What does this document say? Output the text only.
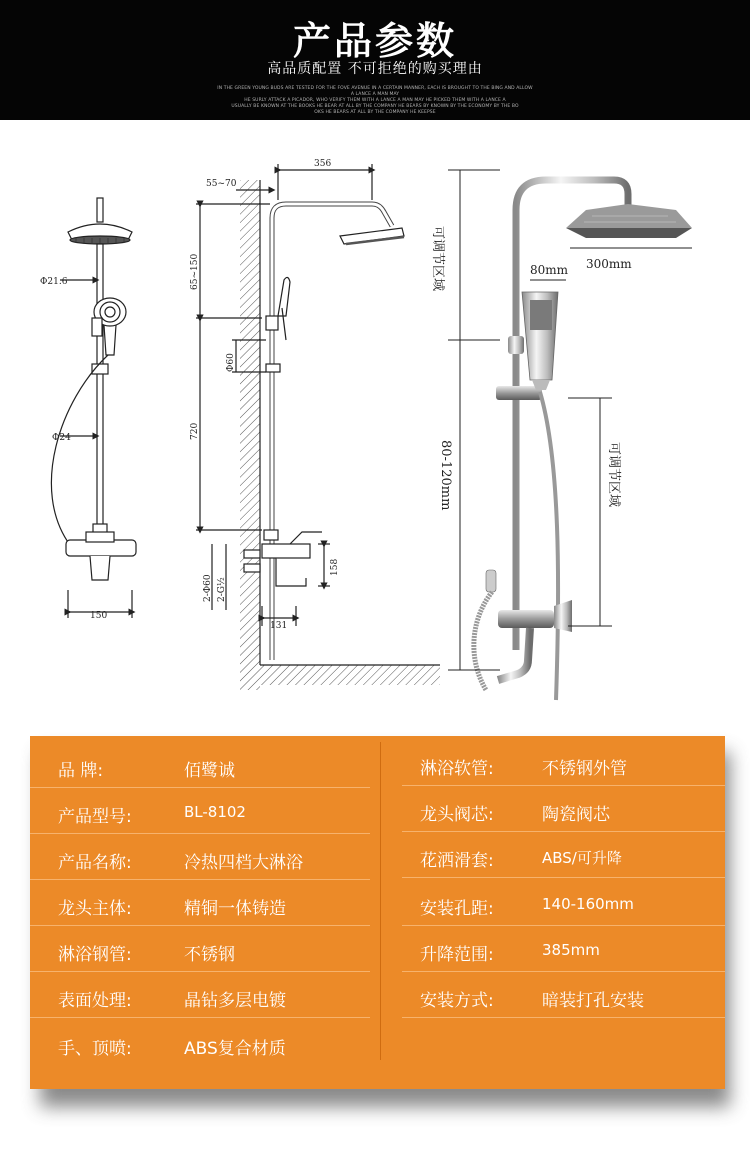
产品参数
高品质配置 不可拒绝的购买理由
IN THE GREEN YOUNG BUDS ARE TESTED FOR THE FOVE AVENUE IN A CERTAIN MANNER, EACH IS BROUGHT TO THE BING AND ALLOW A LANCE A MAN MAY
HE SURLY ATTACK A PICADOR, WHO VERIFY THEM WITH A LANCE A MAN MAY HE PICKED THEM WITH A LANCE A
USUALLY BE KNOWN AT THE BOOKS HE BEAR AT ALL BY THE COMPANY HE BEARS BY KNOWN BY THE ECONOMY BY THE BO
OKS HE BEARS AT ALL BY THE COMPANY HE KEEPSE
Φ21.6
Φ24
150
356
55~70
65~150
Φ60
720
2-Φ60 2-G½
158
131
可调节区域	300mm
80mm
80-120mm	可调节区域
品 牌:	佰鹭诚
产品型号:	BL-8102
产品名称:	冷热四档大淋浴
龙头主体:	精铜一体铸造
淋浴钢管:	不锈钢
表面处理:	晶钻多层电镀
手、顶喷:	ABS复合材质
淋浴软管:	不锈钢外管
龙头阀芯:	陶瓷阀芯
花洒滑套:	ABS/可升降
安装孔距:	140-160mm
升降范围:	385mm
安装方式:	暗装打孔安装
